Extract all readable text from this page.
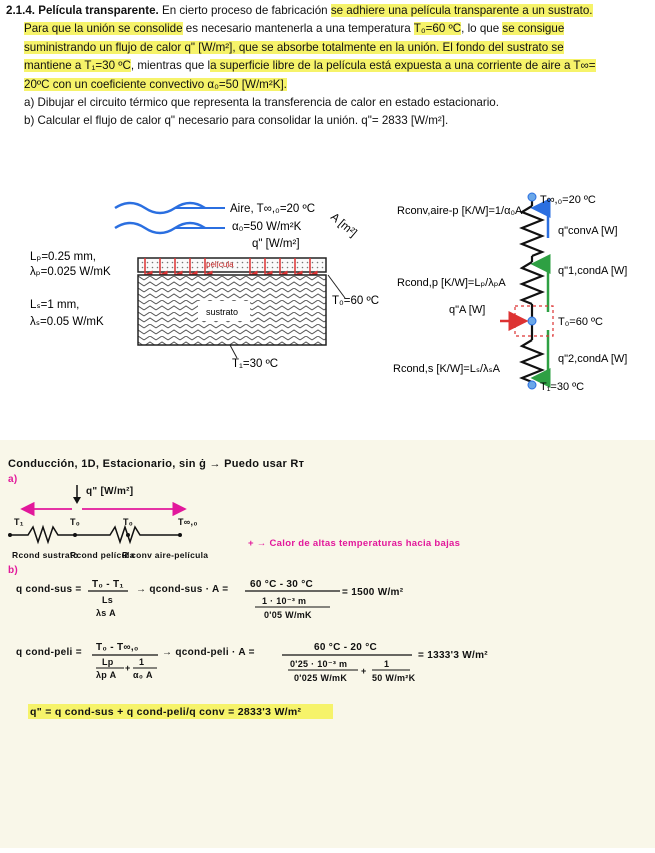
2.1.4. Película transparente. En cierto proceso de fabricación se adhiere una película transparente a un sustrato.

Para que la unión se consolide es necesario mantenerla a una temperatura T₀=60 ºC, lo que se consigue

suministrando un flujo de calor q" [W/m²], que se absorbe totalmente en la unión. El fondo del sustrato se

mantiene a T₁=30 ºC, mientras que la superficie libre de la película está expuesta a una corriente de aire a T∞=

20ºC con un coeficiente convectivo α₀=50 [W/m²K].

a) Dibujar el circuito térmico que representa la transferencia de calor en estado estacionario.

b) Calcular el flujo de calor q" necesario para consolidar la unión. q"= 2833 [W/m²].

Aire, T∞,₀=20 ºC
α₀=50 W/m²K
q" [W/m²]
A [m²]
película
sustrato
Lₚ=0.25 mm,
λₚ=0.025 W/mK
Lₛ=1 mm,
λₛ=0.05 W/mK
T₀=60 ºC
T₁=30 ºC
T∞,₀=20 ºC
Rconv,aire-p [K/W]=1/α₀A
q"convA [W]
Rcond,p [K/W]=Lₚ/λₚA
q"1,condA [W]
q"A [W]
T₀=60 ºC
Rcond,s [K/W]=Lₛ/λₛA
q"2,condA [W]
T₁=30 ºC
Conducción, 1D, Estacionario, sin ġ → Puedo usar Rт
a)
q" [W/m²]
T₁	T₀	T₀	T∞,₀
Rcond sustrato
Rcond película
R conv aire-película
+ → Calor de altas temperaturas hacia bajas
b)
q cond-sus = T₀ - T₁
Ls
λs A
→ qcond-sus · A = 60 °C - 30 °C
1 · 10⁻³ m
0'05 W/mK
= 1500 W/m²
q cond-peli = T₀ - T∞,₀
Lp
λp A
+
1
α₀ A
→ qcond-peli · A =	60 °C - 20 °C
0'25 · 10⁻³ m
0'025 W/mK
+
1
50 W/m²K
= 1333'3 W/m²
q" = q cond-sus + q cond-peli/q conv = 2833'3 W/m²
